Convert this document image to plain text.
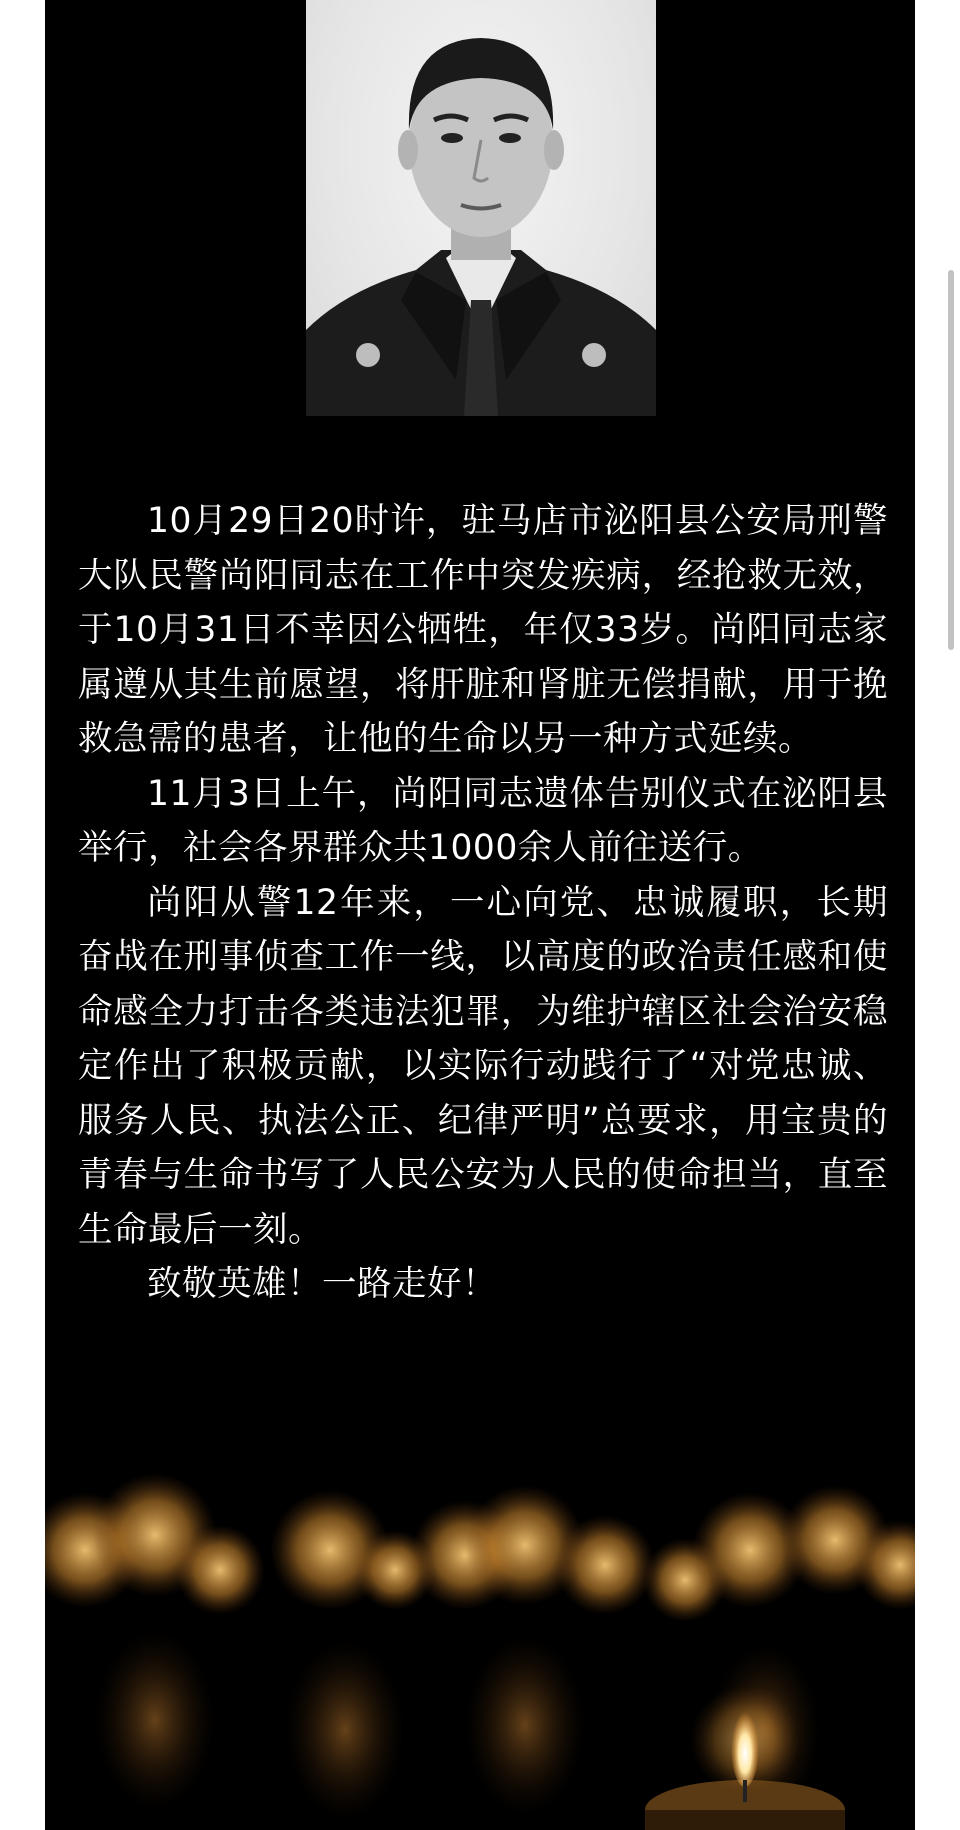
10月29日20时许，驻马店市泌阳县公安局刑警大队民警尚阳同志在工作中突发疾病，经抢救无效，于10月31日不幸因公牺牲，年仅33岁。尚阳同志家属遵从其生前愿望，将肝脏和肾脏无偿捐献，用于挽救急需的患者，让他的生命以另一种方式延续。

11月3日上午，尚阳同志遗体告别仪式在泌阳县举行，社会各界群众共1000余人前往送行。

尚阳从警12年来，一心向党、忠诚履职，长期奋战在刑事侦查工作一线，以高度的政治责任感和使命感全力打击各类违法犯罪，为维护辖区社会治安稳定作出了积极贡献，以实际行动践行了“对党忠诚、服务人民、执法公正、纪律严明”总要求，用宝贵的青春与生命书写了人民公安为人民的使命担当，直至生命最后一刻。

致敬英雄！一路走好！
